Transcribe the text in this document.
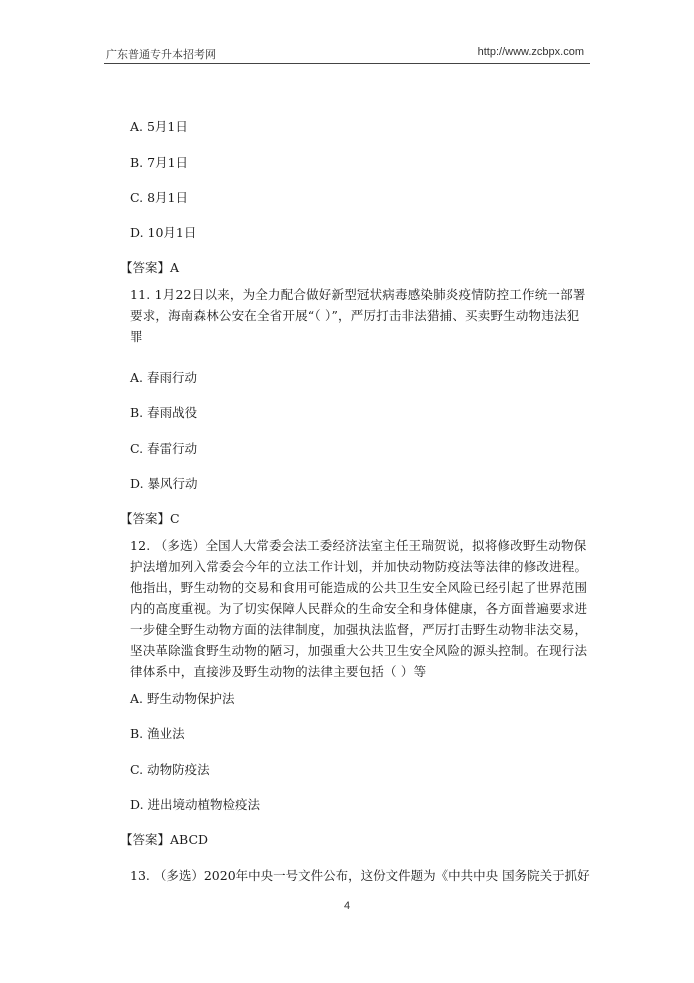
广东普通专升本招考网	http://www.zcbpx.com
A. 5月1日
B. 7月1日
C. 8月1日
D. 10月1日
【答案】A
11. 1月22日以来，为全力配合做好新型冠状病毒感染肺炎疫情防控工作统一部署要求，海南森林公安在全省开展“（ ）”，严厉打击非法猎捕、买卖野生动物违法犯罪
A. 春雨行动
B. 春雨战役
C. 春雷行动
D. 暴风行动
【答案】C
12. （多选）全国人大常委会法工委经济法室主任王瑞贺说，拟将修改野生动物保护法增加列入常委会今年的立法工作计划，并加快动物防疫法等法律的修改进程。他指出，野生动物的交易和食用可能造成的公共卫生安全风险已经引起了世界范围内的高度重视。为了切实保障人民群众的生命安全和身体健康，各方面普遍要求进一步健全野生动物方面的法律制度，加强执法监督，严厉打击野生动物非法交易，坚决革除滥食野生动物的陋习，加强重大公共卫生安全风险的源头控制。在现行法律体系中，直接涉及野生动物的法律主要包括（ ）等
A. 野生动物保护法
B. 渔业法
C. 动物防疫法
D. 进出境动植物检疫法
【答案】ABCD
13. （多选）2020年中央一号文件公布，这份文件题为《中共中央 国务院关于抓好
4
